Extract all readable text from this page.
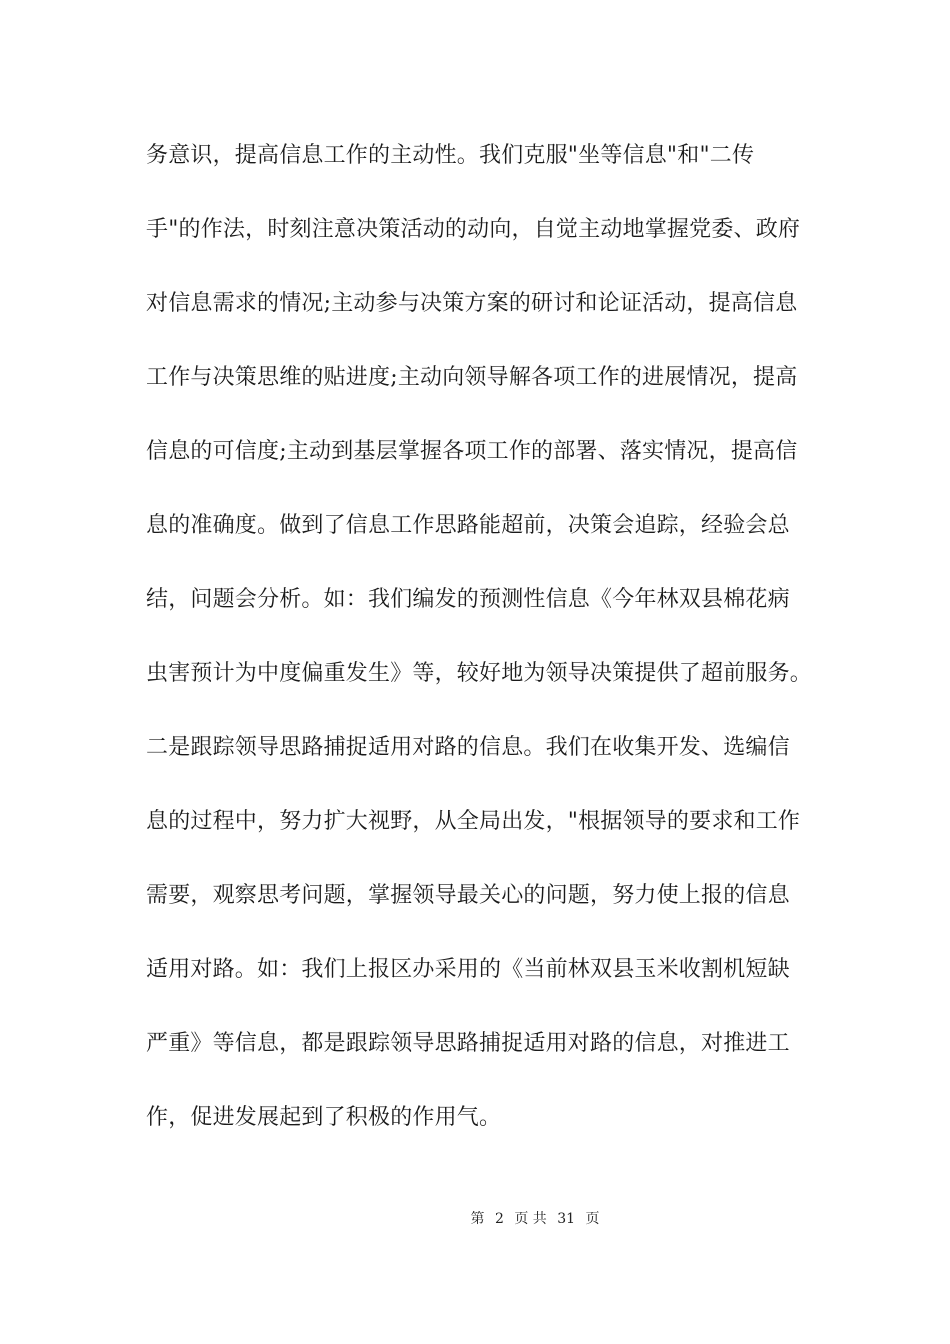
务意识，提高信息工作的主动性。我们克服"坐等信息"和"二传
手"的作法，时刻注意决策活动的动向，自觉主动地掌握党委、政府
对信息需求的情况;主动参与决策方案的研讨和论证活动，提高信息
工作与决策思维的贴进度;主动向领导解各项工作的进展情况，提高
信息的可信度;主动到基层掌握各项工作的部署、落实情况，提高信
息的准确度。做到了信息工作思路能超前，决策会追踪，经验会总
结，问题会分析。如：我们编发的预测性信息《今年林双县棉花病
虫害预计为中度偏重发生》等，较好地为领导决策提供了超前服务。
二是跟踪领导思路捕捉适用对路的信息。我们在收集开发、选编信
息的过程中，努力扩大视野，从全局出发，"根据领导的要求和工作
需要，观察思考问题，掌握领导最关心的问题，努力使上报的信息
适用对路。如：我们上报区办采用的《当前林双县玉米收割机短缺
严重》等信息，都是跟踪领导思路捕捉适用对路的信息，对推进工
作，促进发展起到了积极的作用气。
第 2 页 共 31 页
